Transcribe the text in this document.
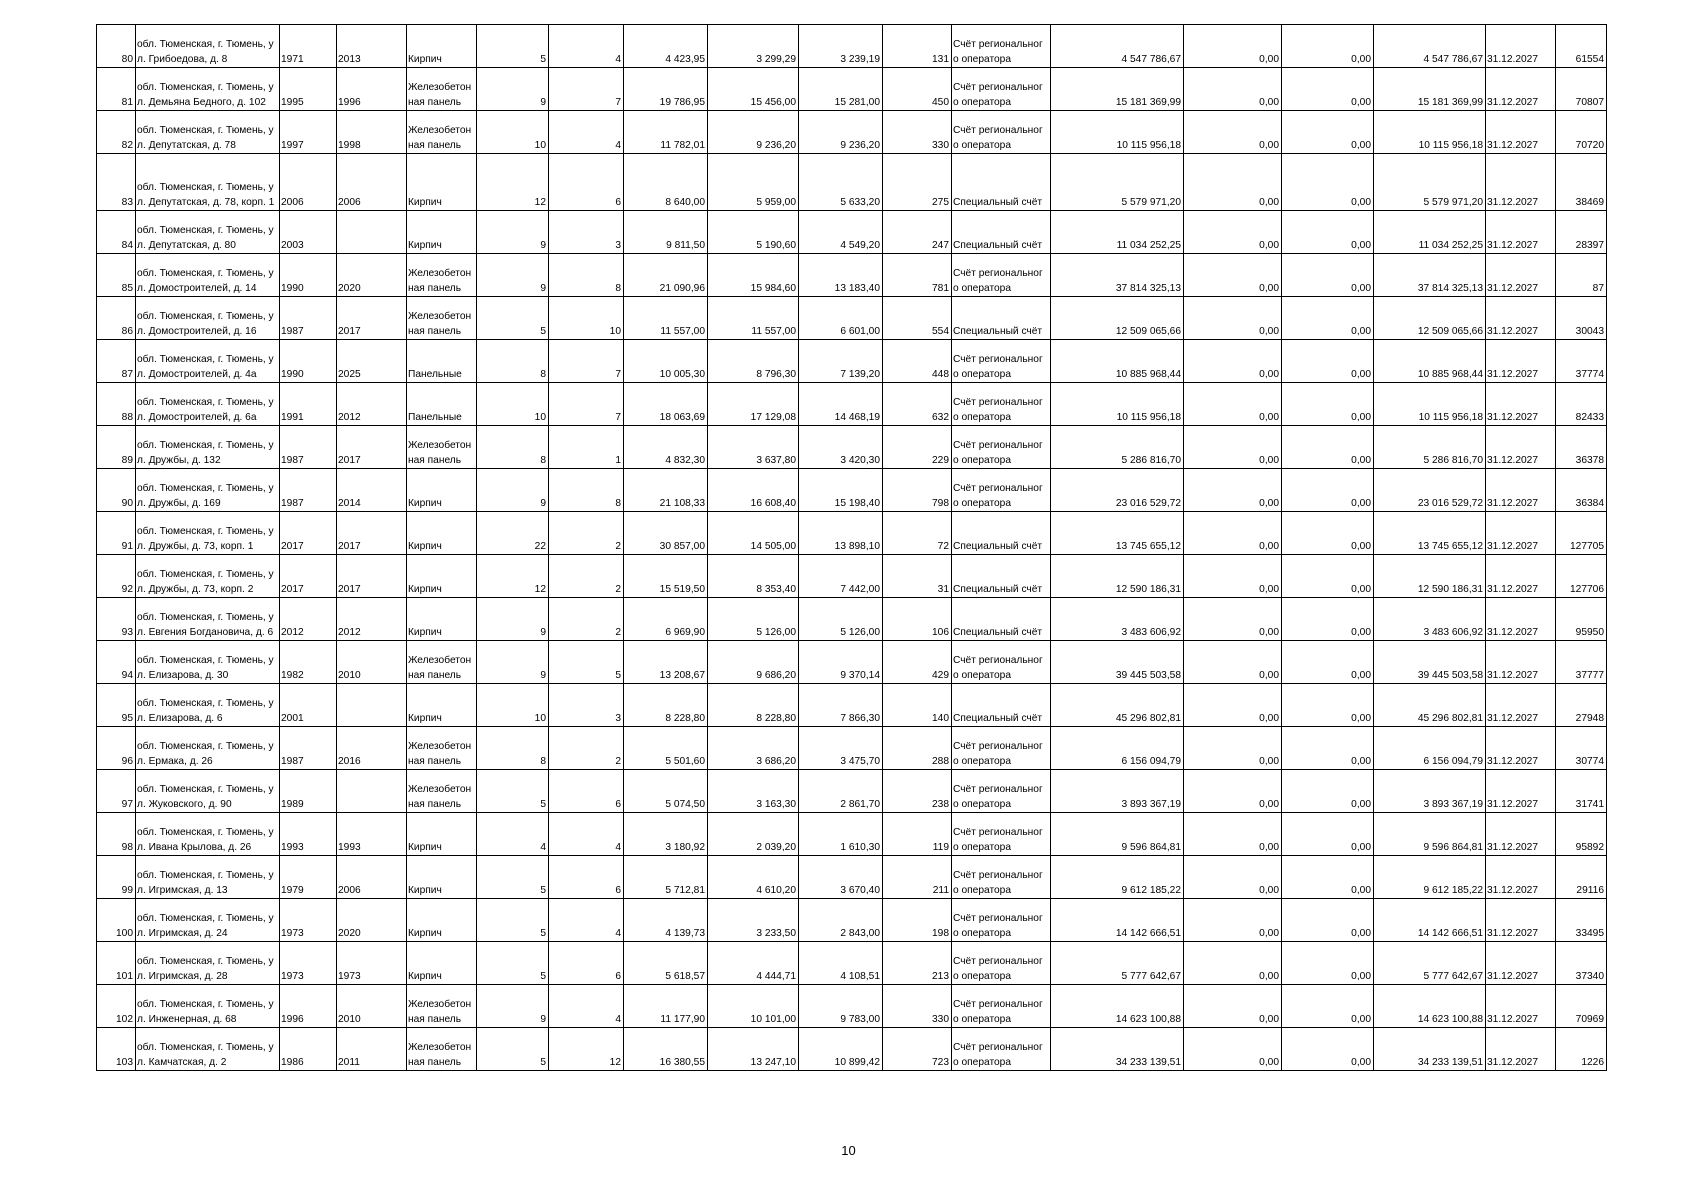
80	обл. Тюменская, г. Тюмень, ул. Грибоедова, д. 8	1971	2013	Кирпич	5	4	4 423,95	3 299,29	3 239,19	131	Счёт регионального оператора	4 547 786,67	0,00	0,00	4 547 786,67	31.12.2027	61554
81	обл. Тюменская, г. Тюмень, ул. Демьяна Бедного, д. 102	1995	1996	Железобетонная панель	9	7	19 786,95	15 456,00	15 281,00	450	Счёт регионального оператора	15 181 369,99	0,00	0,00	15 181 369,99	31.12.2027	70807
82	обл. Тюменская, г. Тюмень, ул. Депутатская, д. 78	1997	1998	Железобетонная панель	10	4	11 782,01	9 236,20	9 236,20	330	Счёт регионального оператора	10 115 956,18	0,00	0,00	10 115 956,18	31.12.2027	70720
83	обл. Тюменская, г. Тюмень, ул. Депутатская, д. 78, корп. 1	2006	2006	Кирпич	12	6	8 640,00	5 959,00	5 633,20	275	Специальный счёт	5 579 971,20	0,00	0,00	5 579 971,20	31.12.2027	38469
84	обл. Тюменская, г. Тюмень, ул. Депутатская, д. 80	2003		Кирпич	9	3	9 811,50	5 190,60	4 549,20	247	Специальный счёт	11 034 252,25	0,00	0,00	11 034 252,25	31.12.2027	28397
85	обл. Тюменская, г. Тюмень, ул. Домостроителей, д. 14	1990	2020	Железобетонная панель	9	8	21 090,96	15 984,60	13 183,40	781	Счёт регионального оператора	37 814 325,13	0,00	0,00	37 814 325,13	31.12.2027	87
86	обл. Тюменская, г. Тюмень, ул. Домостроителей, д. 16	1987	2017	Железобетонная панель	5	10	11 557,00	11 557,00	6 601,00	554	Специальный счёт	12 509 065,66	0,00	0,00	12 509 065,66	31.12.2027	30043
87	обл. Тюменская, г. Тюмень, ул. Домостроителей, д. 4а	1990	2025	Панельные	8	7	10 005,30	8 796,30	7 139,20	448	Счёт регионального оператора	10 885 968,44	0,00	0,00	10 885 968,44	31.12.2027	37774
88	обл. Тюменская, г. Тюмень, ул. Домостроителей, д. 6а	1991	2012	Панельные	10	7	18 063,69	17 129,08	14 468,19	632	Счёт регионального оператора	10 115 956,18	0,00	0,00	10 115 956,18	31.12.2027	82433
89	обл. Тюменская, г. Тюмень, ул. Дружбы, д. 132	1987	2017	Железобетонная панель	8	1	4 832,30	3 637,80	3 420,30	229	Счёт регионального оператора	5 286 816,70	0,00	0,00	5 286 816,70	31.12.2027	36378
90	обл. Тюменская, г. Тюмень, ул. Дружбы, д. 169	1987	2014	Кирпич	9	8	21 108,33	16 608,40	15 198,40	798	Счёт регионального оператора	23 016 529,72	0,00	0,00	23 016 529,72	31.12.2027	36384
91	обл. Тюменская, г. Тюмень, ул. Дружбы, д. 73, корп. 1	2017	2017	Кирпич	22	2	30 857,00	14 505,00	13 898,10	72	Специальный счёт	13 745 655,12	0,00	0,00	13 745 655,12	31.12.2027	127705
92	обл. Тюменская, г. Тюмень, ул. Дружбы, д. 73, корп. 2	2017	2017	Кирпич	12	2	15 519,50	8 353,40	7 442,00	31	Специальный счёт	12 590 186,31	0,00	0,00	12 590 186,31	31.12.2027	127706
93	обл. Тюменская, г. Тюмень, ул. Евгения Богдановича, д. 6	2012	2012	Кирпич	9	2	6 969,90	5 126,00	5 126,00	106	Специальный счёт	3 483 606,92	0,00	0,00	3 483 606,92	31.12.2027	95950
94	обл. Тюменская, г. Тюмень, ул. Елизарова, д. 30	1982	2010	Железобетонная панель	9	5	13 208,67	9 686,20	9 370,14	429	Счёт регионального оператора	39 445 503,58	0,00	0,00	39 445 503,58	31.12.2027	37777
95	обл. Тюменская, г. Тюмень, ул. Елизарова, д. 6	2001		Кирпич	10	3	8 228,80	8 228,80	7 866,30	140	Специальный счёт	45 296 802,81	0,00	0,00	45 296 802,81	31.12.2027	27948
96	обл. Тюменская, г. Тюмень, ул. Ермака, д. 26	1987	2016	Железобетонная панель	8	2	5 501,60	3 686,20	3 475,70	288	Счёт регионального оператора	6 156 094,79	0,00	0,00	6 156 094,79	31.12.2027	30774
97	обл. Тюменская, г. Тюмень, ул. Жуковского, д. 90	1989		Железобетонная панель	5	6	5 074,50	3 163,30	2 861,70	238	Счёт регионального оператора	3 893 367,19	0,00	0,00	3 893 367,19	31.12.2027	31741
98	обл. Тюменская, г. Тюмень, ул. Ивана Крылова, д. 26	1993	1993	Кирпич	4	4	3 180,92	2 039,20	1 610,30	119	Счёт регионального оператора	9 596 864,81	0,00	0,00	9 596 864,81	31.12.2027	95892
99	обл. Тюменская, г. Тюмень, ул. Игримская, д. 13	1979	2006	Кирпич	5	6	5 712,81	4 610,20	3 670,40	211	Счёт регионального оператора	9 612 185,22	0,00	0,00	9 612 185,22	31.12.2027	29116
100	обл. Тюменская, г. Тюмень, ул. Игримская, д. 24	1973	2020	Кирпич	5	4	4 139,73	3 233,50	2 843,00	198	Счёт регионального оператора	14 142 666,51	0,00	0,00	14 142 666,51	31.12.2027	33495
101	обл. Тюменская, г. Тюмень, ул. Игримская, д. 28	1973	1973	Кирпич	5	6	5 618,57	4 444,71	4 108,51	213	Счёт регионального оператора	5 777 642,67	0,00	0,00	5 777 642,67	31.12.2027	37340
102	обл. Тюменская, г. Тюмень, ул. Инженерная, д. 68	1996	2010	Железобетонная панель	9	4	11 177,90	10 101,00	9 783,00	330	Счёт регионального оператора	14 623 100,88	0,00	0,00	14 623 100,88	31.12.2027	70969
103	обл. Тюменская, г. Тюмень, ул. Камчатская, д. 2	1986	2011	Железобетонная панель	5	12	16 380,55	13 247,10	10 899,42	723	Счёт регионального оператора	34 233 139,51	0,00	0,00	34 233 139,51	31.12.2027	1226
10
